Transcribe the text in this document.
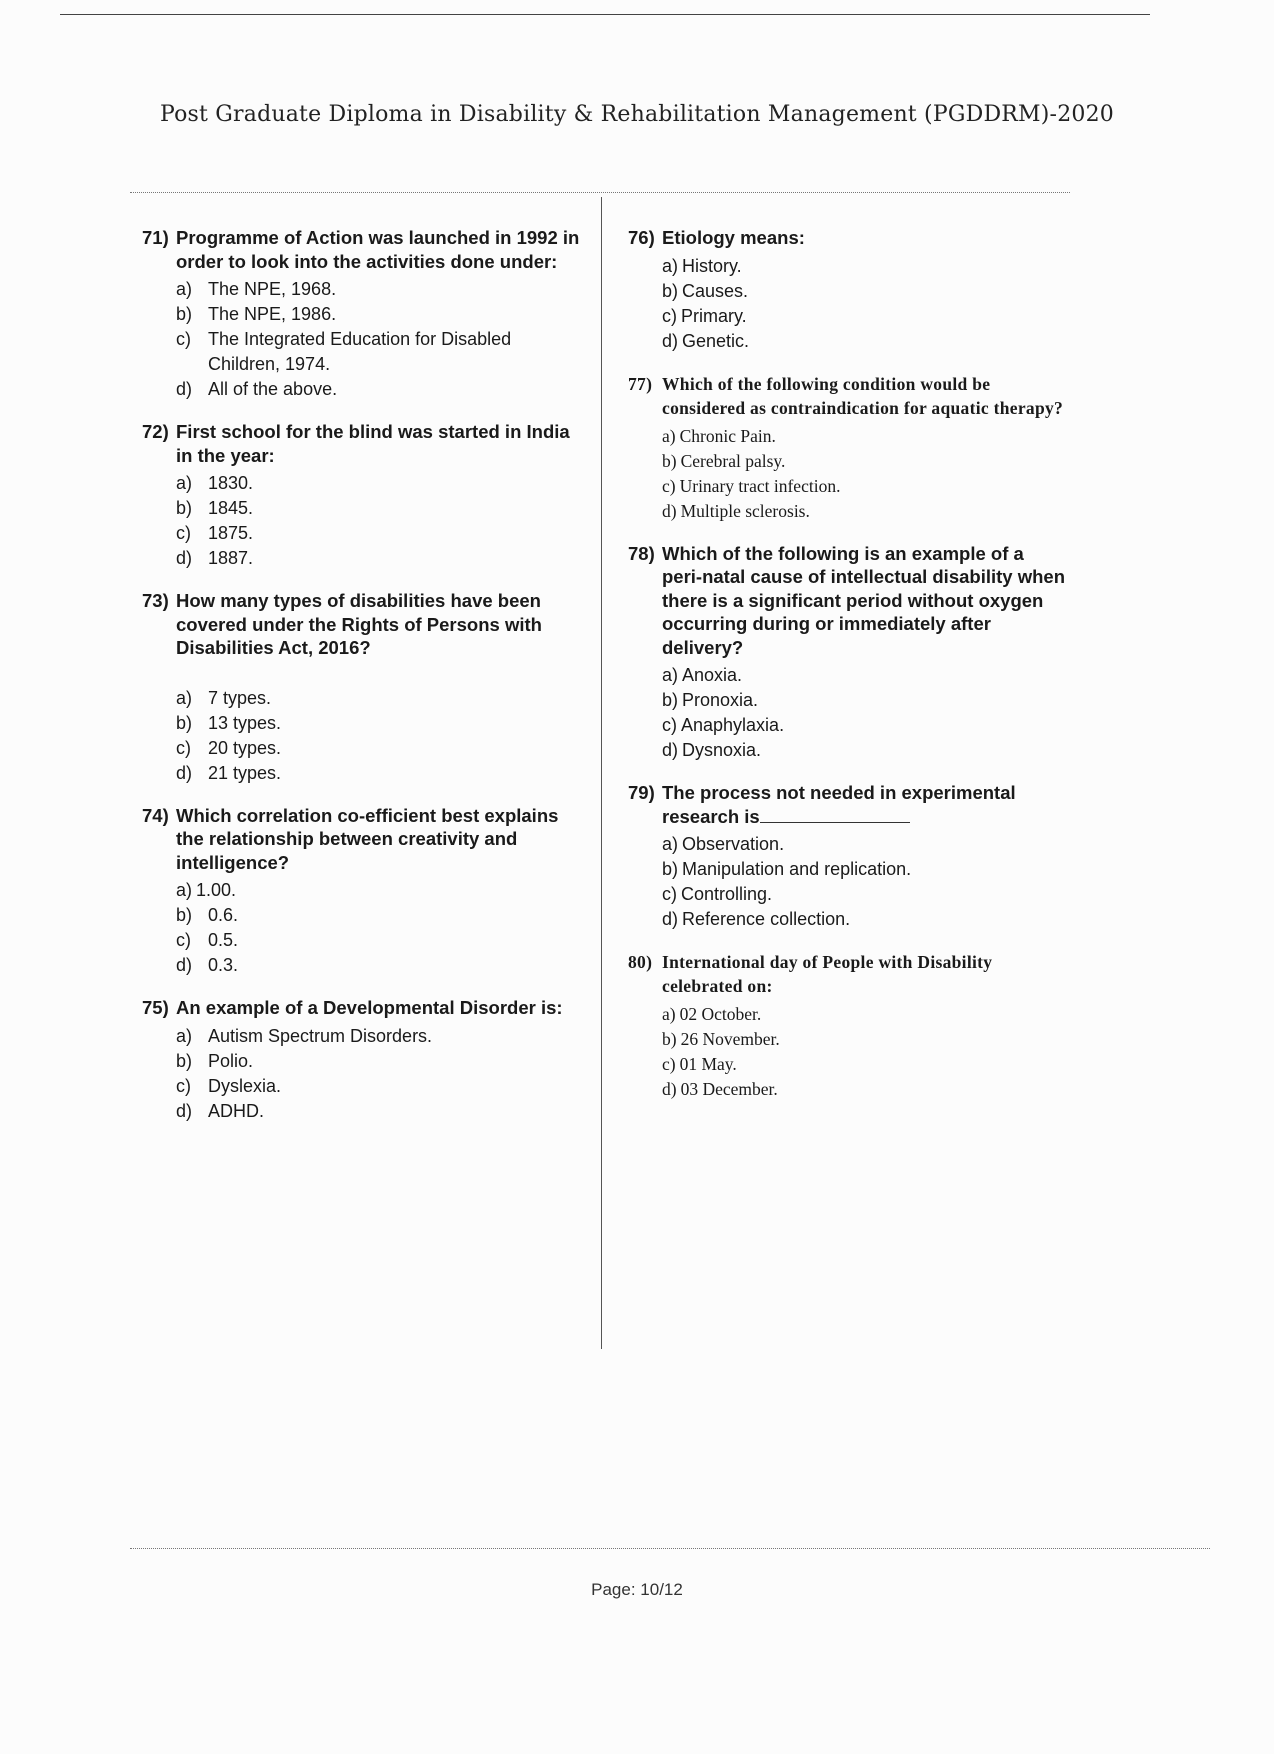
Post Graduate Diploma in Disability & Rehabilitation Management (PGDDRM)-2020
71) Programme of Action was launched in 1992 in order to look into the activities done under:
a) The NPE, 1968.
b) The NPE, 1986.
c) The Integrated Education for Disabled Children, 1974.
d) All of the above.
72) First school for the blind was started in India in the year:
a) 1830.
b) 1845.
c) 1875.
d) 1887.
73) How many types of disabilities have been covered under the Rights of Persons with Disabilities Act, 2016?
a) 7 types.
b) 13 types.
c) 20 types.
d) 21 types.
74) Which correlation co-efficient best explains the relationship between creativity and intelligence?
a) 1.00.
b) 0.6.
c) 0.5.
d) 0.3.
75) An example of a Developmental Disorder is:
a) Autism Spectrum Disorders.
b) Polio.
c) Dyslexia.
d) ADHD.
76) Etiology means:
a) History.
b) Causes.
c) Primary.
d) Genetic.
77) Which of the following condition would be considered as contraindication for aquatic therapy?
a) Chronic Pain.
b) Cerebral palsy.
c) Urinary tract infection.
d) Multiple sclerosis.
78) Which of the following is an example of a peri-natal cause of intellectual disability when there is a significant period without oxygen occurring during or immediately after delivery?
a) Anoxia.
b) Pronoxia.
c) Anaphylaxia.
d) Dysnoxia.
79) The process not needed in experimental research is
a) Observation.
b) Manipulation and replication.
c) Controlling.
d) Reference collection.
80) International day of People with Disability celebrated on:
a) 02 October.
b) 26 November.
c) 01 May.
d) 03 December.
Page: 10/12
